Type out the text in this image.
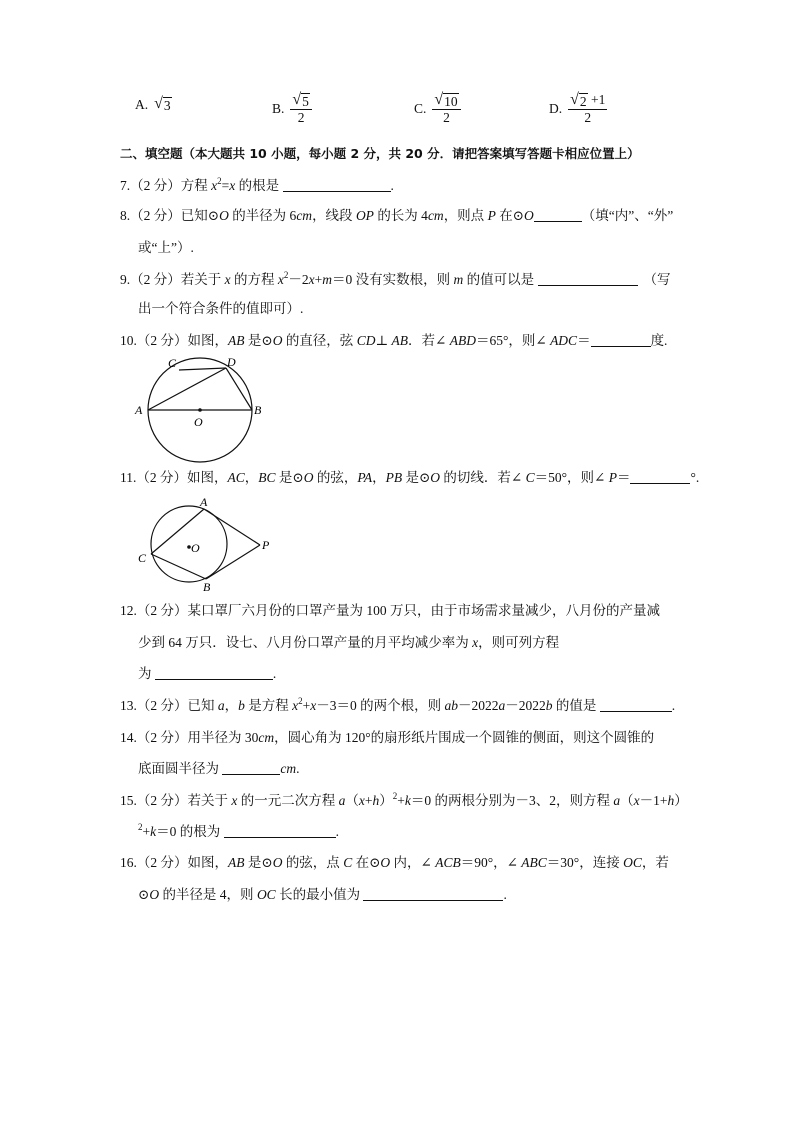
A. √ 3	B. $\frac{√ 5}{2}$	C. $\frac{√ 10}{2}$	D. $\frac{√ 2 +1}{2}$
二、填空题（本大题共 10 小题，每小题 2 分，共 20 分．请把答案填写答题卡相应位置上）
7.（2 分）方程 $x^2=x$ 的根是	.
8.（2 分）已知⊙O 的半径为 6cm，线段 OP 的长为 4cm，则点 P 在⊙O	（填“内”、“外”
或“上”）.
9.（2 分）若关于 x 的方程 $x^2-2x+m=0$ 没有实数根，则 m 的值可以是	（写
出一个符合条件的值即可）.
10.（2 分）如图，AB 是⊙O 的直径，弦 CD⊥ AB．若∠ ABD＝65°，则∠ ADC＝	度.
A	B
C	D
O
11.（2 分）如图，AC，BC 是⊙O 的弦，PA，PB 是⊙O 的切线．若∠ C＝50°，则∠ P＝	°.
A
B
C
O	P
12.（2 分）某口罩厂六月份的口罩产量为 100 万只，由于市场需求量减少，八月份的产量减
少到 64 万只．设七、八月份口罩产量的月平均减少率为 x，则可列方程
为	.
13.（2 分）已知 a，b 是方程 $x^2+x-3=0$ 的两个根，则 ab－2022a－2022b 的值是	.
14.（2 分）用半径为 30cm，圆心角为 120°的扇形纸片围成一个圆锥的侧面，则这个圆锥的
底面圆半径为	cm.
15.（2 分）若关于 x 的一元二次方程 $a(x+h)^2+k=0$ 的两根分别为－3、2，则方程 a（x－1+h）
$^2$+k＝0 的根为	.
16.（2 分）如图，AB 是⊙O 的弦，点 C 在⊙O 内，∠ ACB＝90°，∠ ABC＝30°，连接 OC，若
⊙O 的半径是 4，则 OC 长的最小值为	.
